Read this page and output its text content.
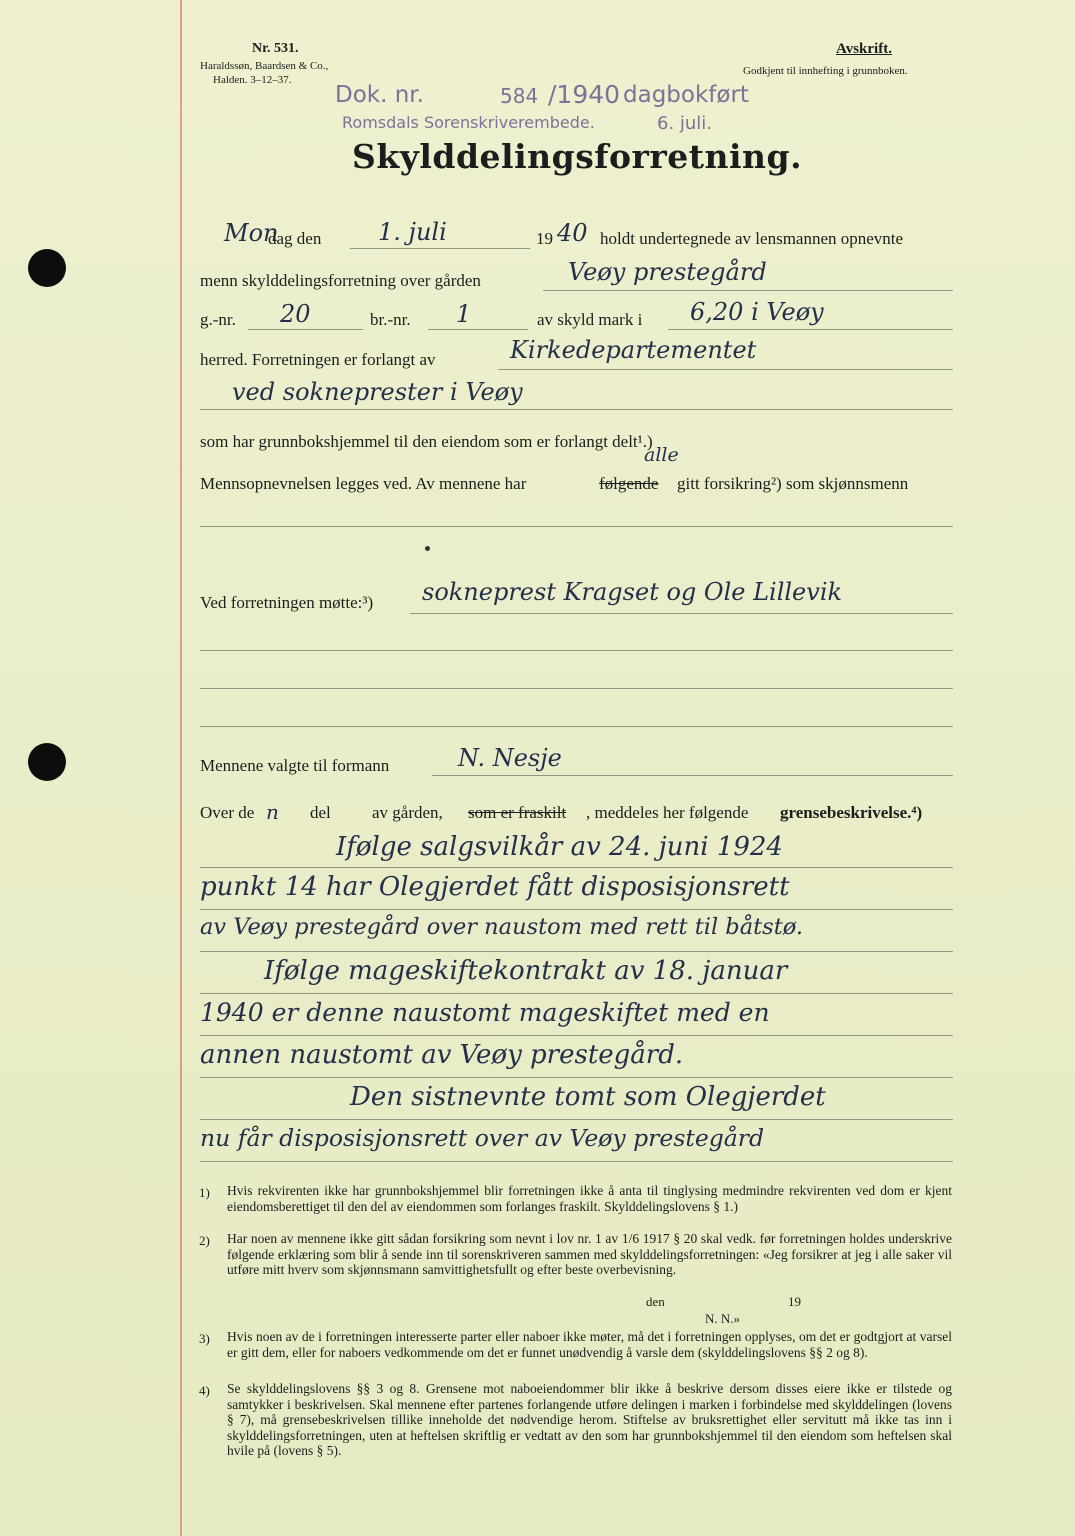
Nr. 531.
Haraldssøn, Baardsen & Co.,
Halden. 3–12–37.
Avskrift.
Godkjent til innhefting i grunnboken.
Dok. nr.	584 /1940 dagbokført
Romsdals Sorenskriverembede.	6. juli.
Skylddelingsforretning.
Mon
dag den 1. juli	19 40 holdt undertegnede av lensmannen opnevnte
menn skylddelingsforretning over gården	Veøy prestegård
g.-nr. 20	br.-nr. 1	av skyld mark i 6,20 i Veøy
herred. Forretningen er forlangt av	Kirkedepartementet
ved sokneprester i Veøy
som har grunnbokshjemmel til den eiendom som er forlangt delt¹.)
alle
Mennsopnevnelsen legges ved. Av mennene har	følgende gitt forsikring²) som skjønnsmenn
Ved forretningen møtte:³) sokneprest Kragset og Ole Lillevik
Mennene valgte til formann	N. Nesje
Over de n del av gården, som er fraskilt , meddeles her følgende grensebeskrivelse.⁴)
Ifølge salgsvilkår av 24. juni 1924
punkt 14 har Olegjerdet fått disposisjonsrett
av Veøy prestegård over naustom med rett til båtstø.
Ifølge mageskiftekontrakt av 18. januar
1940 er denne naustomt mageskiftet med en
annen naustomt av Veøy prestegård.
Den sistnevnte tomt som Olegjerdet
nu får disposisjonsrett over av Veøy prestegård
1) Hvis rekvirenten ikke har grunnbokshjemmel blir forretningen ikke å anta til tinglysing medmindre rekvirenten ved dom er kjent eiendomsberettiget til den del av eiendommen som forlanges fraskilt. Skylddelingslovens § 1.)
2) Har noen av mennene ikke gitt sådan forsikring som nevnt i lov nr. 1 av 1/6 1917 § 20 skal vedk. før forretningen holdes underskrive følgende erklæring som blir å sende inn til sorenskriveren sammen med skylddelingsforretningen: «Jeg forsikrer at jeg i alle saker vil utføre mitt hverv som skjønnsmann samvittighetsfullt og efter beste overbevisning.
den	19
N. N.»
3) Hvis noen av de i forretningen interesserte parter eller naboer ikke møter, må det i forretningen opplyses, om det er godtgjort at varsel er gitt dem, eller for naboers vedkommende om det er funnet unødvendig å varsle dem (skylddelingslovens §§ 2 og 8).
4) Se skylddelingslovens §§ 3 og 8. Grensene mot naboeiendommer blir ikke å beskrive dersom disses eiere ikke er tilstede og samtykker i beskrivelsen. Skal mennene efter partenes forlangende utføre delingen i marken i forbindelse med skylddelingen (lovens § 7), må grensebeskrivelsen tillike inneholde det nødvendige herom. Stiftelse av bruksrettighet eller servitutt må ikke tas inn i skylddelingsforretningen, uten at heftelsen skriftlig er vedtatt av den som har grunnbokshjemmel til den eiendom som heftelsen skal hvile på (lovens § 5).
